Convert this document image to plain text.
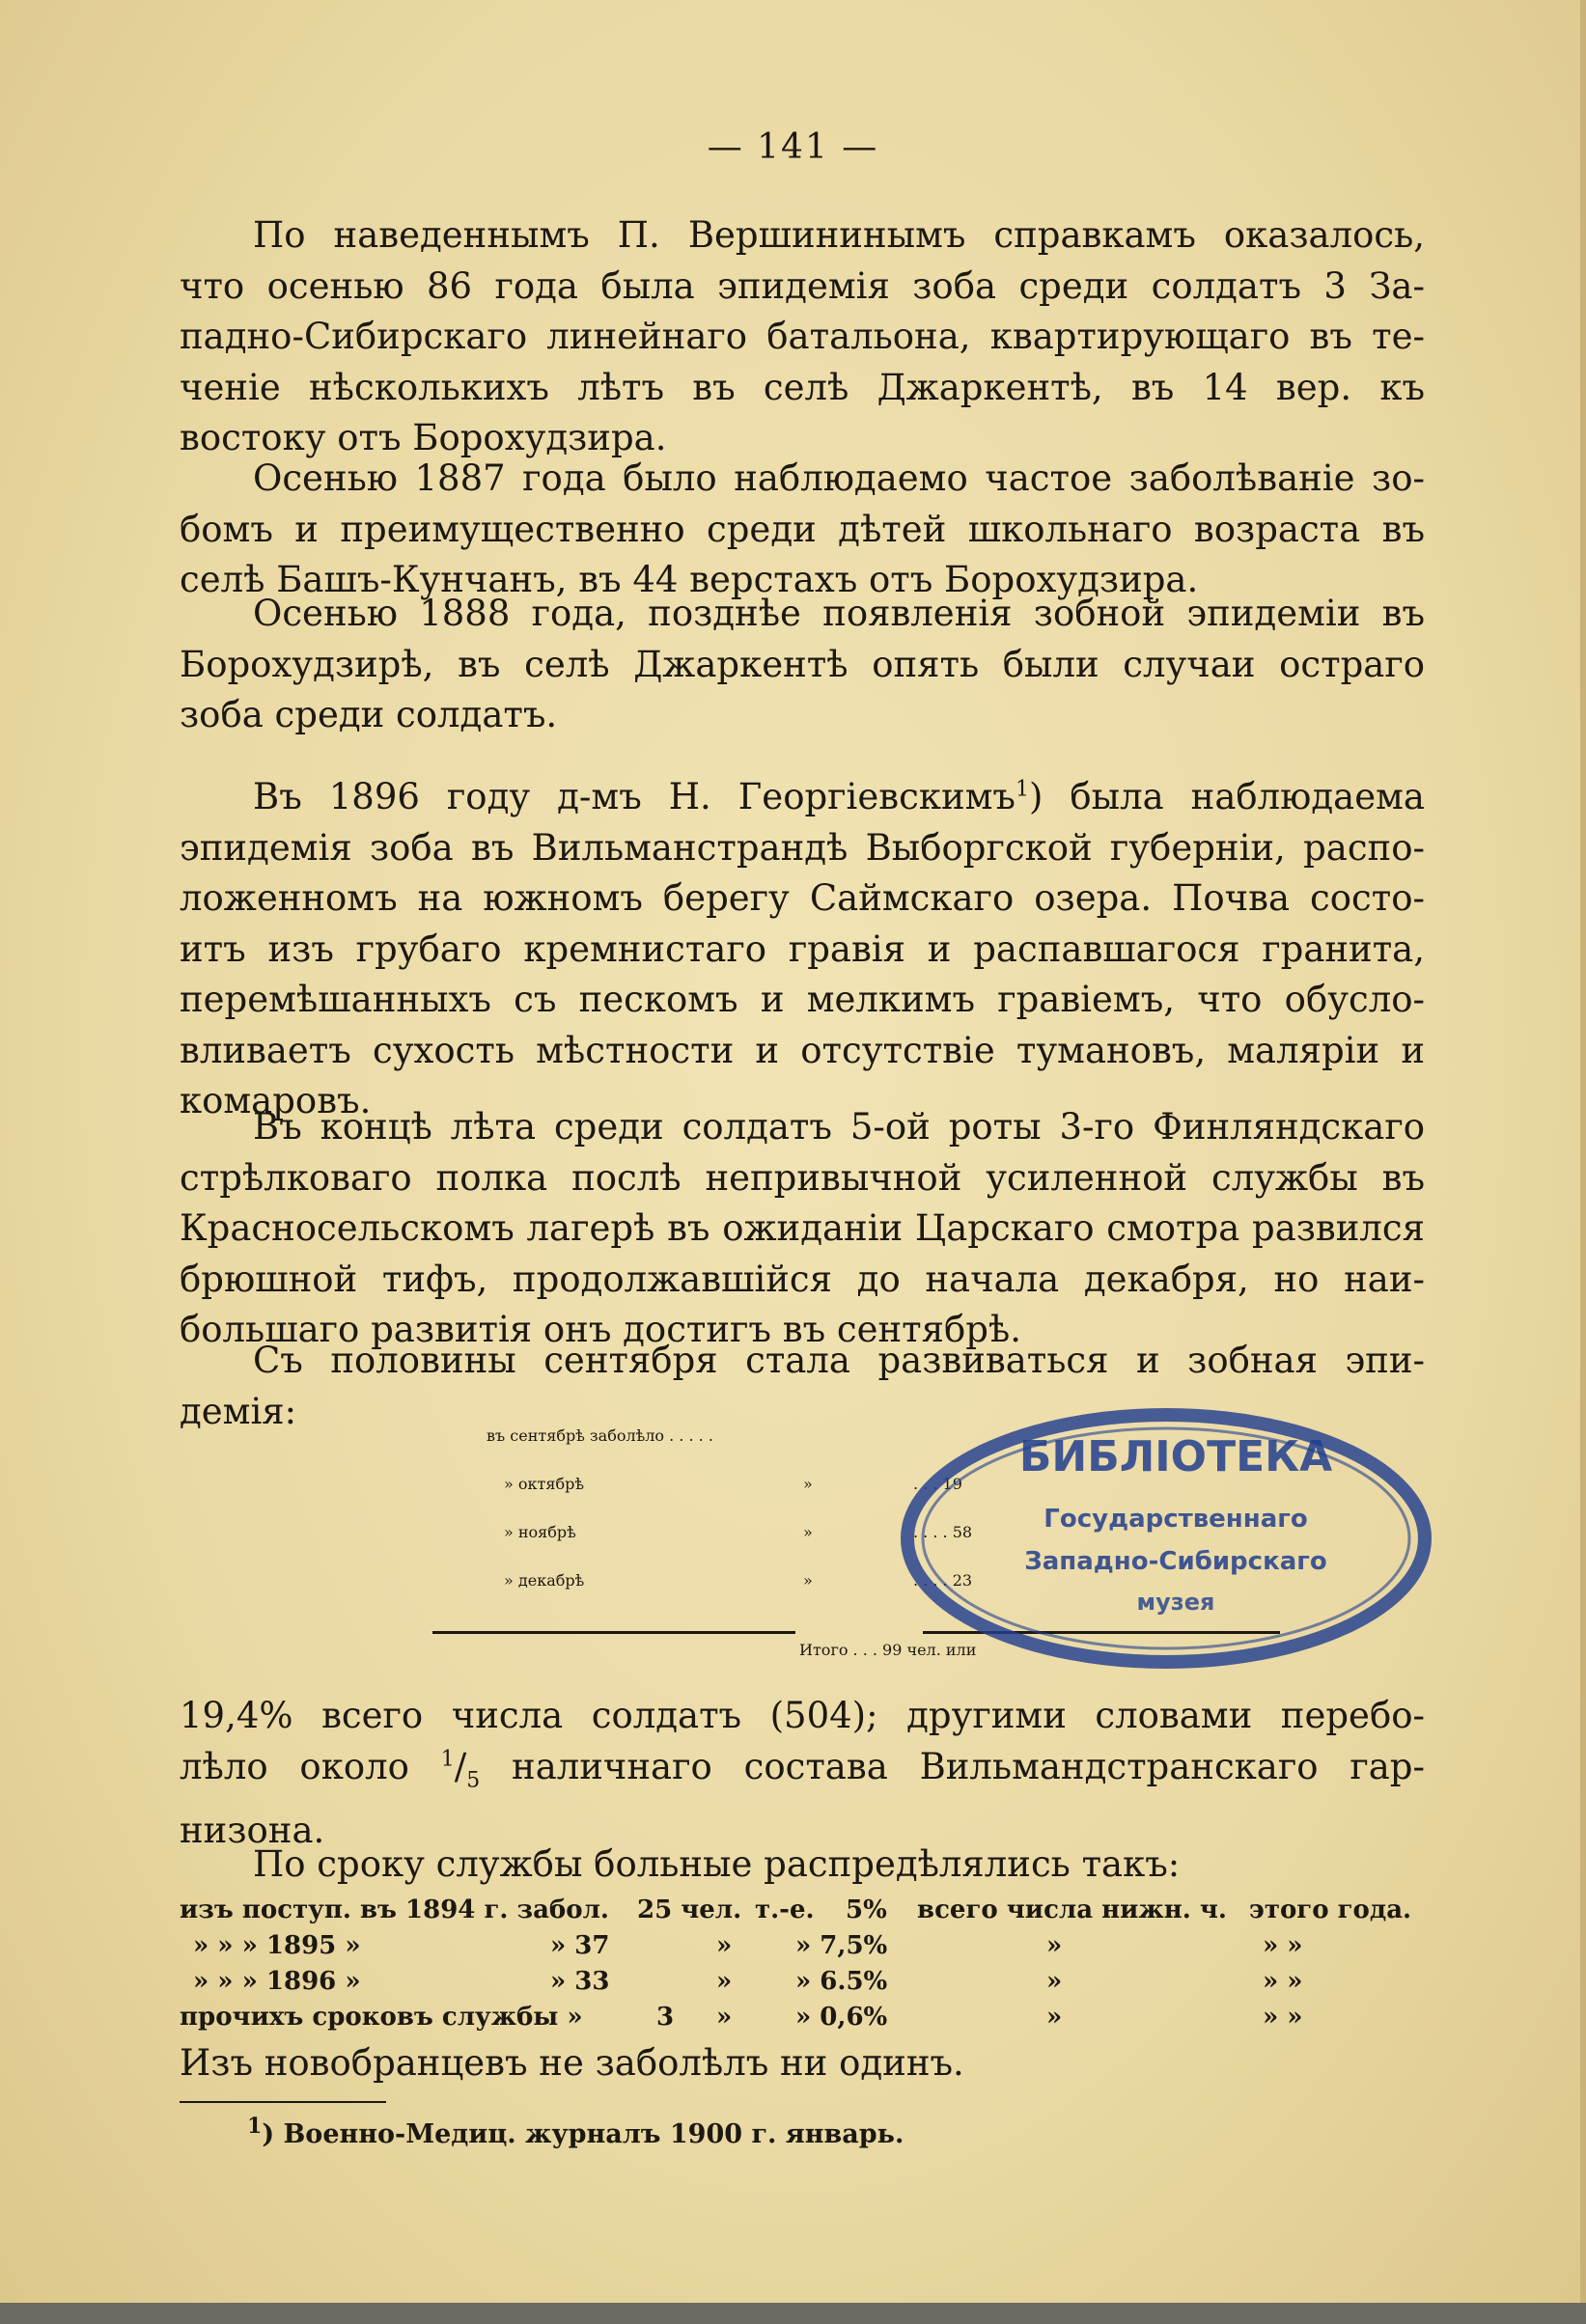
— 141 —

По наведеннымъ П. Вершининымъ справкамъ оказалось,

что осенью 86 года была эпидемія зоба среди солдатъ 3 За-

падно-Сибирскаго линейнаго батальона, квартирующаго въ те-

ченіе нѣсколькихъ лѣтъ въ селѣ Джаркентѣ, въ 14 вер. къ

востоку отъ Борохудзира.

Осенью 1887 года было наблюдаемо частое заболѣваніе зо-

бомъ и преимущественно среди дѣтей школьнаго возраста въ

селѣ Башъ-Кунчанъ, въ 44 верстахъ отъ Борохудзира.

Осенью 1888 года, позднѣе появленія зобной эпидеміи въ

Борохудзирѣ, въ селѣ Джаркентѣ опять были случаи остраго

зоба среди солдатъ.

Въ 1896 году д-мъ Н. Георгіевскимъ$^1$) была наблюдаема

эпидемія зоба въ Вильманстрандѣ Выборгской губерніи, распо-

ложенномъ на южномъ берегу Саймскаго озера. Почва состо-

итъ изъ грубаго кремнистаго гравія и распавшагося гранита,

перемѣшанныхъ съ пескомъ и мелкимъ гравіемъ, что обусло-

вливаетъ сухость мѣстности и отсутствіе тумановъ, маляріи и

комаровъ.

Въ концѣ лѣта среди солдатъ 5-ой роты 3-го Финляндскаго

стрѣлковаго полка послѣ непривычной усиленной службы въ

Красносельскомъ лагерѣ въ ожиданіи Царскаго смотра развился

брюшной тифъ, продолжавшійся до начала декабря, но наи-

большаго развитія онъ достигъ въ сентябрѣ.

Съ половины сентября стала развиваться и зобная эпи-

демія:

въ сентябрѣ заболѣло . . . . .
» октябрѣ	»	. . . 19
» ноябрѣ	»	. . . . 58
» декабрѣ	»	. . . . 23
Итого . . . 99 чел. или

19,4% всего числа солдатъ (504); другими словами перебо-

лѣло около $^1/_5$ наличнаго состава Вильмандстранскаго гар-

низона.

По сроку службы больные распредѣлялись такъ:

изъ поступ. въ 1894 г. забол. 25 чел. т.-е. 5% всего числа нижн. ч. этого года.
» » » 1895 »	» 37	»	» 7,5%	»	» »
» » » 1896 »	» 33	»	» 6.5%	»	» »
прочихъ сроковъ службы »	3 »	» 0,6%	»	» »

Изъ новобранцевъ не заболѣлъ ни одинъ.

$^1$) Военно-Медиц. журналъ 1900 г. январь.
БИБЛІОТЕКА
Государственнаго
Западно-Сибирскаго
музея
